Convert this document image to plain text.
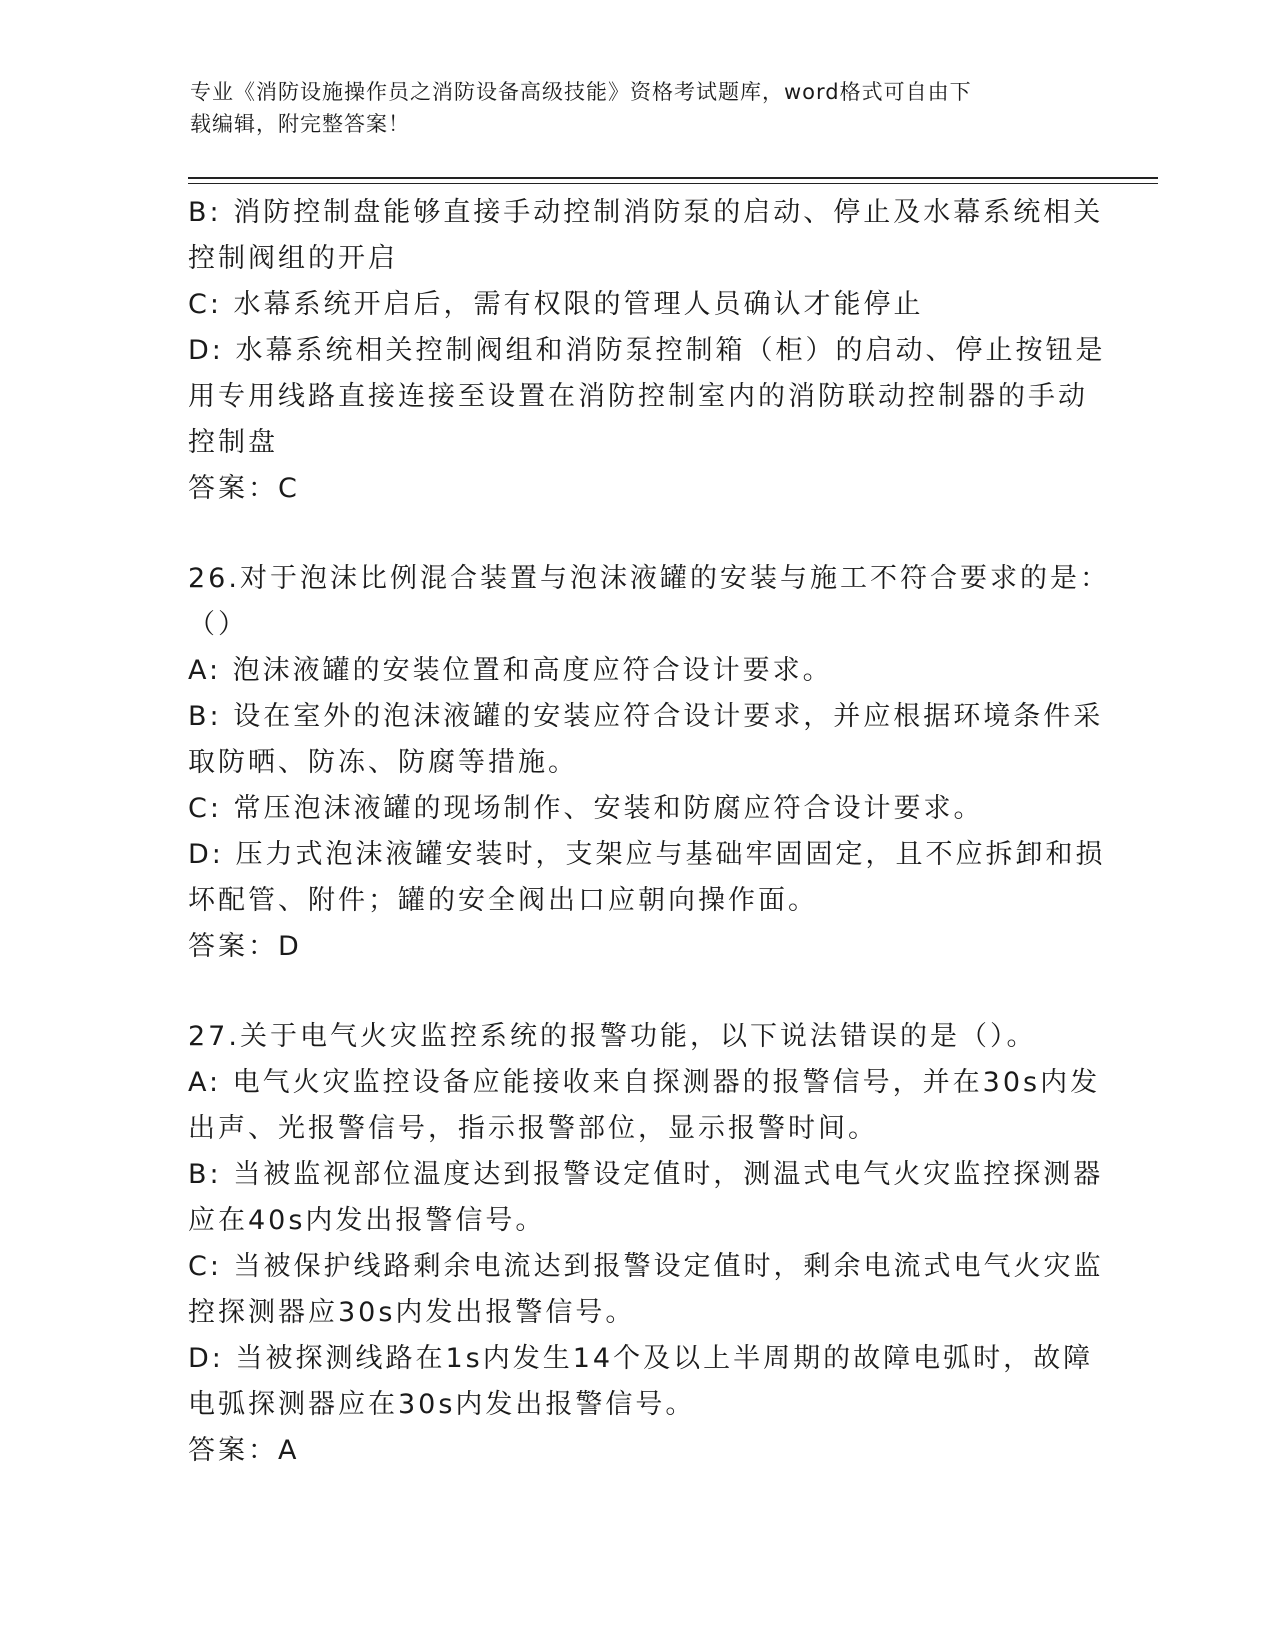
专业《消防设施操作员之消防设备高级技能》资格考试题库，word格式可自由下
载编辑，附完整答案！
B: 消防控制盘能够直接手动控制消防泵的启动、停止及水幕系统相关
控制阀组的开启
C: 水幕系统开启后，需有权限的管理人员确认才能停止
D: 水幕系统相关控制阀组和消防泵控制箱（柜）的启动、停止按钮是
用专用线路直接连接至设置在消防控制室内的消防联动控制器的手动
控制盘
答案：C
26.对于泡沫比例混合装置与泡沫液罐的安装与施工不符合要求的是：
（）
A: 泡沫液罐的安装位置和高度应符合设计要求。
B: 设在室外的泡沫液罐的安装应符合设计要求，并应根据环境条件采
取防晒、防冻、防腐等措施。
C: 常压泡沫液罐的现场制作、安装和防腐应符合设计要求。
D: 压力式泡沫液罐安装时，支架应与基础牢固固定，且不应拆卸和损
坏配管、附件；罐的安全阀出口应朝向操作面。
答案：D
27.关于电气火灾监控系统的报警功能，以下说法错误的是（）。
A: 电气火灾监控设备应能接收来自探测器的报警信号，并在30s内发
出声、光报警信号，指示报警部位，显示报警时间。
B: 当被监视部位温度达到报警设定值时，测温式电气火灾监控探测器
应在40s内发出报警信号。
C: 当被保护线路剩余电流达到报警设定值时，剩余电流式电气火灾监
控探测器应30s内发出报警信号。
D: 当被探测线路在1s内发生14个及以上半周期的故障电弧时，故障
电弧探测器应在30s内发出报警信号。
答案：A
